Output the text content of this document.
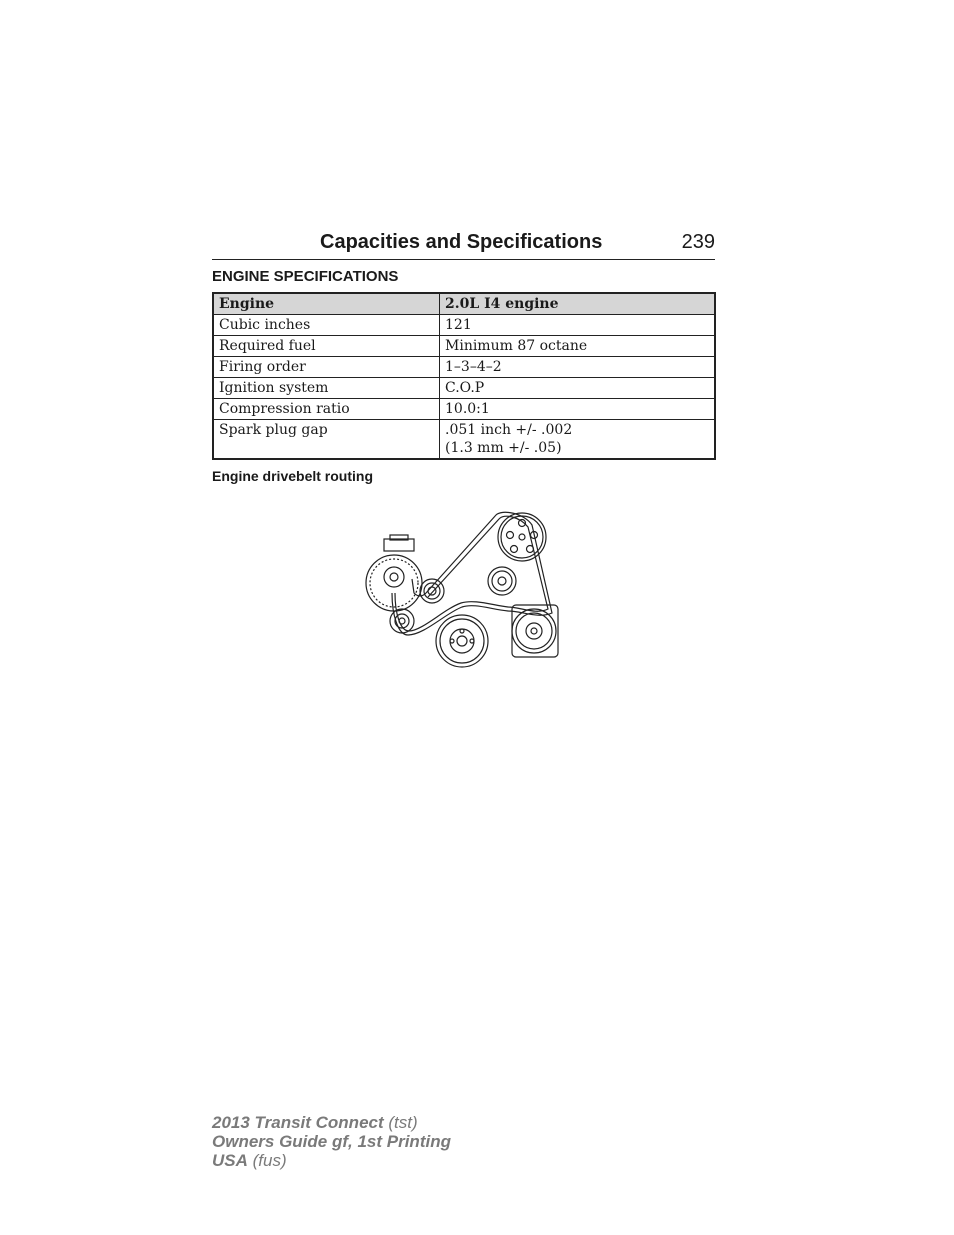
Capacities and Specifications	239
ENGINE SPECIFICATIONS
Engine	2.0L I4 engine
Cubic inches	121
Required fuel	Minimum 87 octane
Firing order	1–3–4–2
Ignition system	C.O.P
Compression ratio	10.0:1
Spark plug gap	.051 inch +/- .002
(1.3 mm +/- .05)
Engine drivebelt routing
2013 Transit Connect (tst)
Owners Guide gf, 1st Printing
USA (fus)
